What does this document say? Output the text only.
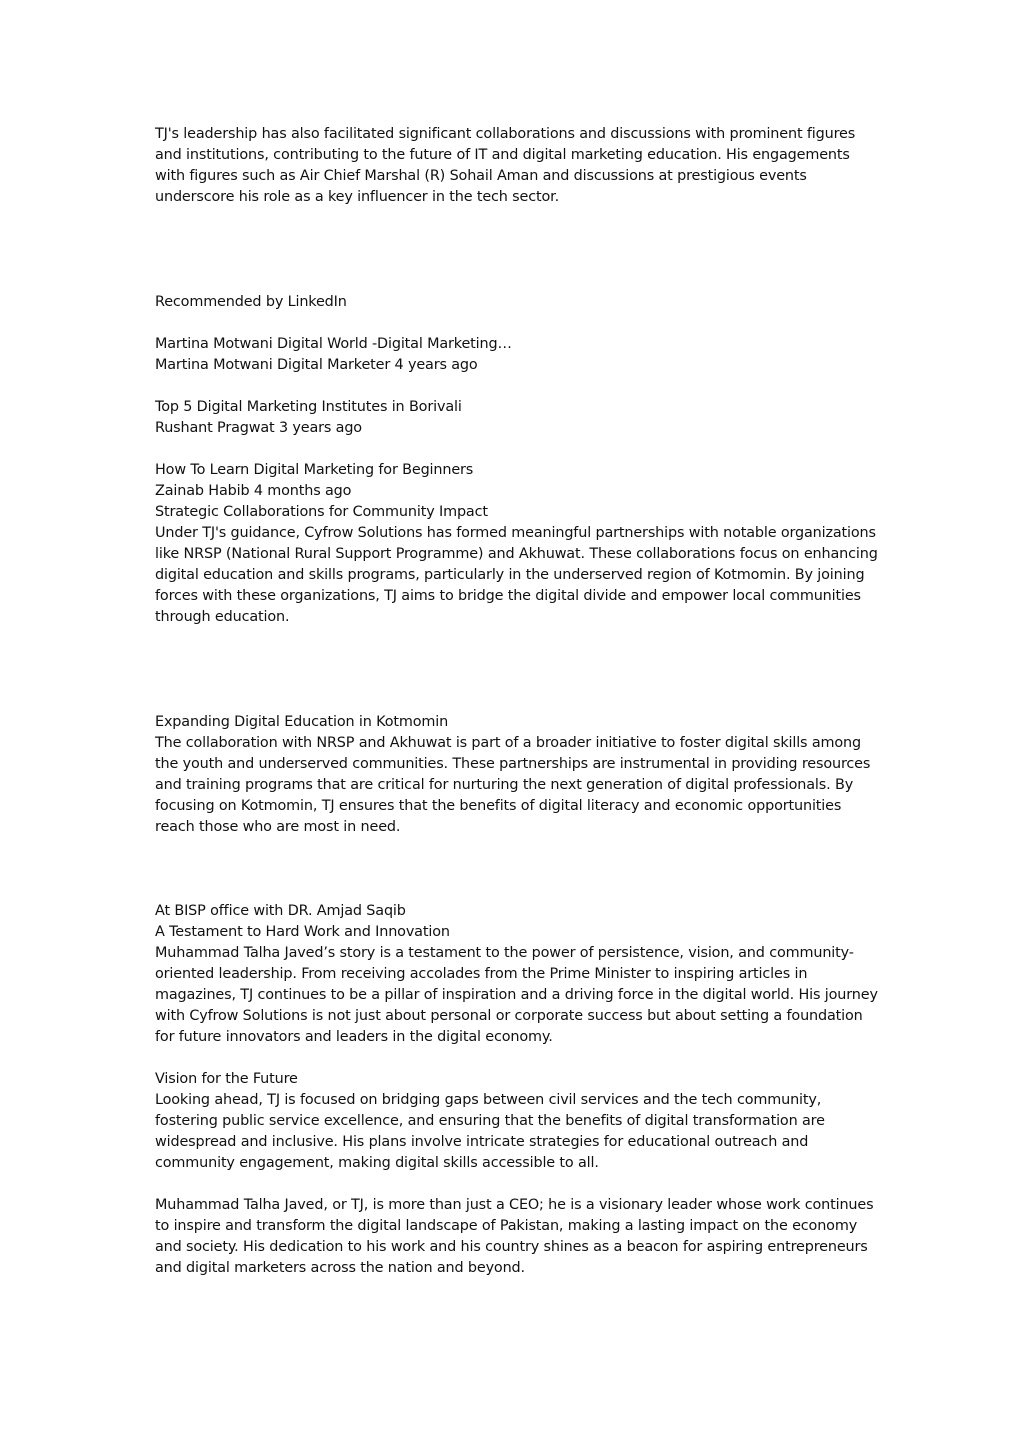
TJ's leadership has also facilitated significant collaborations and discussions with prominent figures
and institutions, contributing to the future of IT and digital marketing education. His engagements
with figures such as Air Chief Marshal (R) Sohail Aman and discussions at prestigious events
underscore his role as a key influencer in the tech sector.
Recommended by LinkedIn
Martina Motwani Digital World -Digital Marketing…
Martina Motwani Digital Marketer 4 years ago
Top 5 Digital Marketing Institutes in Borivali
Rushant Pragwat 3 years ago
How To Learn Digital Marketing for Beginners
Zainab Habib 4 months ago
Strategic Collaborations for Community Impact
Under TJ's guidance, Cyfrow Solutions has formed meaningful partnerships with notable organizations
like NRSP (National Rural Support Programme) and Akhuwat. These collaborations focus on enhancing
digital education and skills programs, particularly in the underserved region of Kotmomin. By joining
forces with these organizations, TJ aims to bridge the digital divide and empower local communities
through education.
Expanding Digital Education in Kotmomin
The collaboration with NRSP and Akhuwat is part of a broader initiative to foster digital skills among
the youth and underserved communities. These partnerships are instrumental in providing resources
and training programs that are critical for nurturing the next generation of digital professionals. By
focusing on Kotmomin, TJ ensures that the benefits of digital literacy and economic opportunities
reach those who are most in need.
At BISP office with DR. Amjad Saqib
A Testament to Hard Work and Innovation
Muhammad Talha Javed’s story is a testament to the power of persistence, vision, and community-
oriented leadership. From receiving accolades from the Prime Minister to inspiring articles in
magazines, TJ continues to be a pillar of inspiration and a driving force in the digital world. His journey
with Cyfrow Solutions is not just about personal or corporate success but about setting a foundation
for future innovators and leaders in the digital economy.
Vision for the Future
Looking ahead, TJ is focused on bridging gaps between civil services and the tech community,
fostering public service excellence, and ensuring that the benefits of digital transformation are
widespread and inclusive. His plans involve intricate strategies for educational outreach and
community engagement, making digital skills accessible to all.
Muhammad Talha Javed, or TJ, is more than just a CEO; he is a visionary leader whose work continues
to inspire and transform the digital landscape of Pakistan, making a lasting impact on the economy
and society. His dedication to his work and his country shines as a beacon for aspiring entrepreneurs
and digital marketers across the nation and beyond.
